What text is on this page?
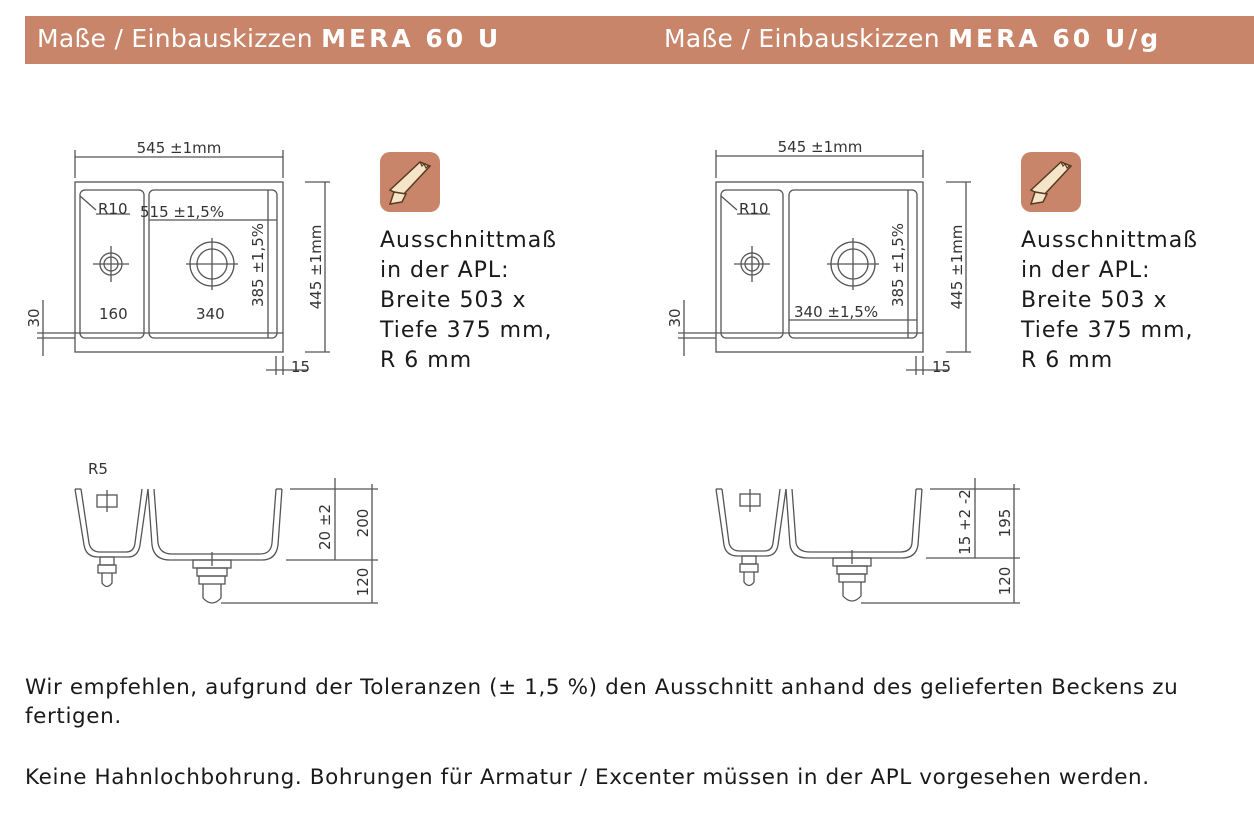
Maße / Einbauskizzen MERA 60 U	Maße / Einbauskizzen MERA 60 U/g
545 ±1mm
R10 515 ±1,5%
160	340
385 ±1,5%	445 ±1mm
30
15
545 ±1mm
R10
340 ±1,5%
385 ±1,5%	445 ±1mm
30
15
R5
20 ±2 200
120
15 +2 -2 195
120
Ausschnittmaß
in der APL:
Breite 503 x
Tiefe 375 mm,
R 6 mm
Ausschnittmaß
in der APL:
Breite 503 x
Tiefe 375 mm,
R 6 mm
Wir empfehlen, aufgrund der Toleranzen (± 1,5 %) den Ausschnitt anhand des gelieferten Beckens zu fertigen.
Keine Hahnlochbohrung. Bohrungen für Armatur / Excenter müssen in der APL vorgesehen werden.
